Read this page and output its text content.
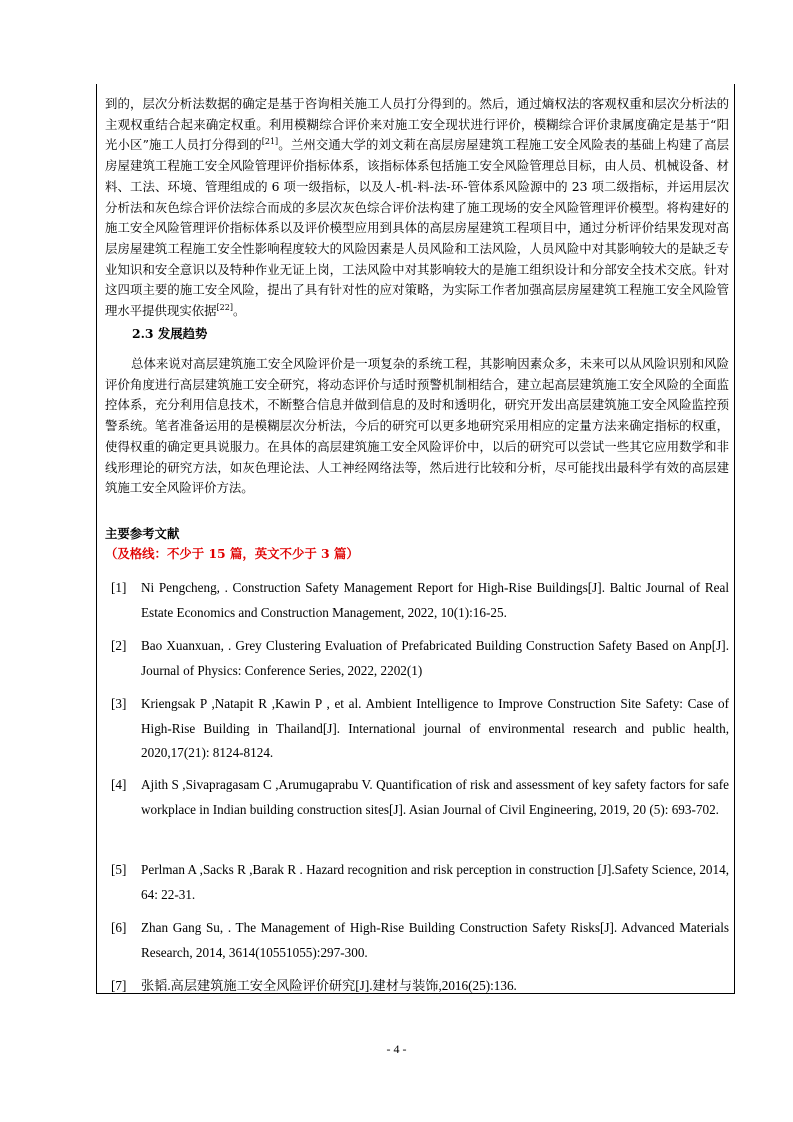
到的，层次分析法数据的确定是基于咨询相关施工人员打分得到的。然后，通过熵权法的客观权重和层次分析法的主观权重结合起来确定权重。利用模糊综合评价来对施工安全现状进行评价，模糊综合评价隶属度确定是基于“阳光小区”施工人员打分得到的[21]。兰州交通大学的刘文莉在高层房屋建筑工程施工安全风险表的基础上构建了高层房屋建筑工程施工安全风险管理评价指标体系，该指标体系包括施工安全风险管理总目标，由人员、机械设备、材料、工法、环境、管理组成的 6 项一级指标，以及人-机-料-法-环-管体系风险源中的 23 项二级指标，并运用层次分析法和灰色综合评价法综合而成的多层次灰色综合评价法构建了施工现场的安全风险管理评价模型。将构建好的施工安全风险管理评价指标体系以及评价模型应用到具体的高层房屋建筑工程项目中，通过分析评价结果发现对高层房屋建筑工程施工安全性影响程度较大的风险因素是人员风险和工法风险，人员风险中对其影响较大的是缺乏专业知识和安全意识以及特种作业无证上岗，工法风险中对其影响较大的是施工组织设计和分部安全技术交底。针对这四项主要的施工安全风险，提出了具有针对性的应对策略，为实际工作者加强高层房屋建筑工程施工安全风险管理水平提供现实依据[22]。

2.3 发展趋势

总体来说对高层建筑施工安全风险评价是一项复杂的系统工程，其影响因素众多，未来可以从风险识别和风险评价角度进行高层建筑施工安全研究，将动态评价与适时预警机制相结合，建立起高层建筑施工安全风险的全面监控体系，充分利用信息技术，不断整合信息并做到信息的及时和透明化，研究开发出高层建筑施工安全风险监控预警系统。笔者准备运用的是模糊层次分析法，今后的研究可以更多地研究采用相应的定量方法来确定指标的权重，使得权重的确定更具说服力。在具体的高层建筑施工安全风险评价中，以后的研究可以尝试一些其它应用数学和非线形理论的研究方法，如灰色理论法、人工神经网络法等，然后进行比较和分析，尽可能找出最科学有效的高层建筑施工安全风险评价方法。

主要参考文献

（及格线：不少于 15 篇，英文不少于 3 篇）

[1] Ni Pengcheng, . Construction Safety Management Report for High-Rise Buildings[J]. Baltic Journal of Real Estate Economics and Construction Management, 2022, 10(1):16-25.
[2] Bao Xuanxuan, . Grey Clustering Evaluation of Prefabricated Building Construction Safety Based on Anp[J]. Journal of Physics: Conference Series, 2022, 2202(1)
[3] Kriengsak P ,Natapit R ,Kawin P , et al. Ambient Intelligence to Improve Construction Site Safety: Case of High-Rise Building in Thailand[J]. International journal of environmental research and public health, 2020,17(21): 8124-8124.
[4] Ajith S ,Sivapragasam C ,Arumugaprabu V. Quantification of risk and assessment of key safety factors for safe workplace in Indian building construction sites[J]. Asian Journal of Civil Engineering, 2019, 20 (5): 693-702.
[5] Perlman A ,Sacks R ,Barak R . Hazard recognition and risk perception in construction [J].Safety Science, 2014, 64: 22-31.
[6] Zhan Gang Su, . The Management of High-Rise Building Construction Safety Risks[J]. Advanced Materials Research, 2014, 3614(10551055):297-300.
[7] 张韬.高层建筑施工安全风险评价研究[J].建材与装饰,2016(25):136.

- 4 -
